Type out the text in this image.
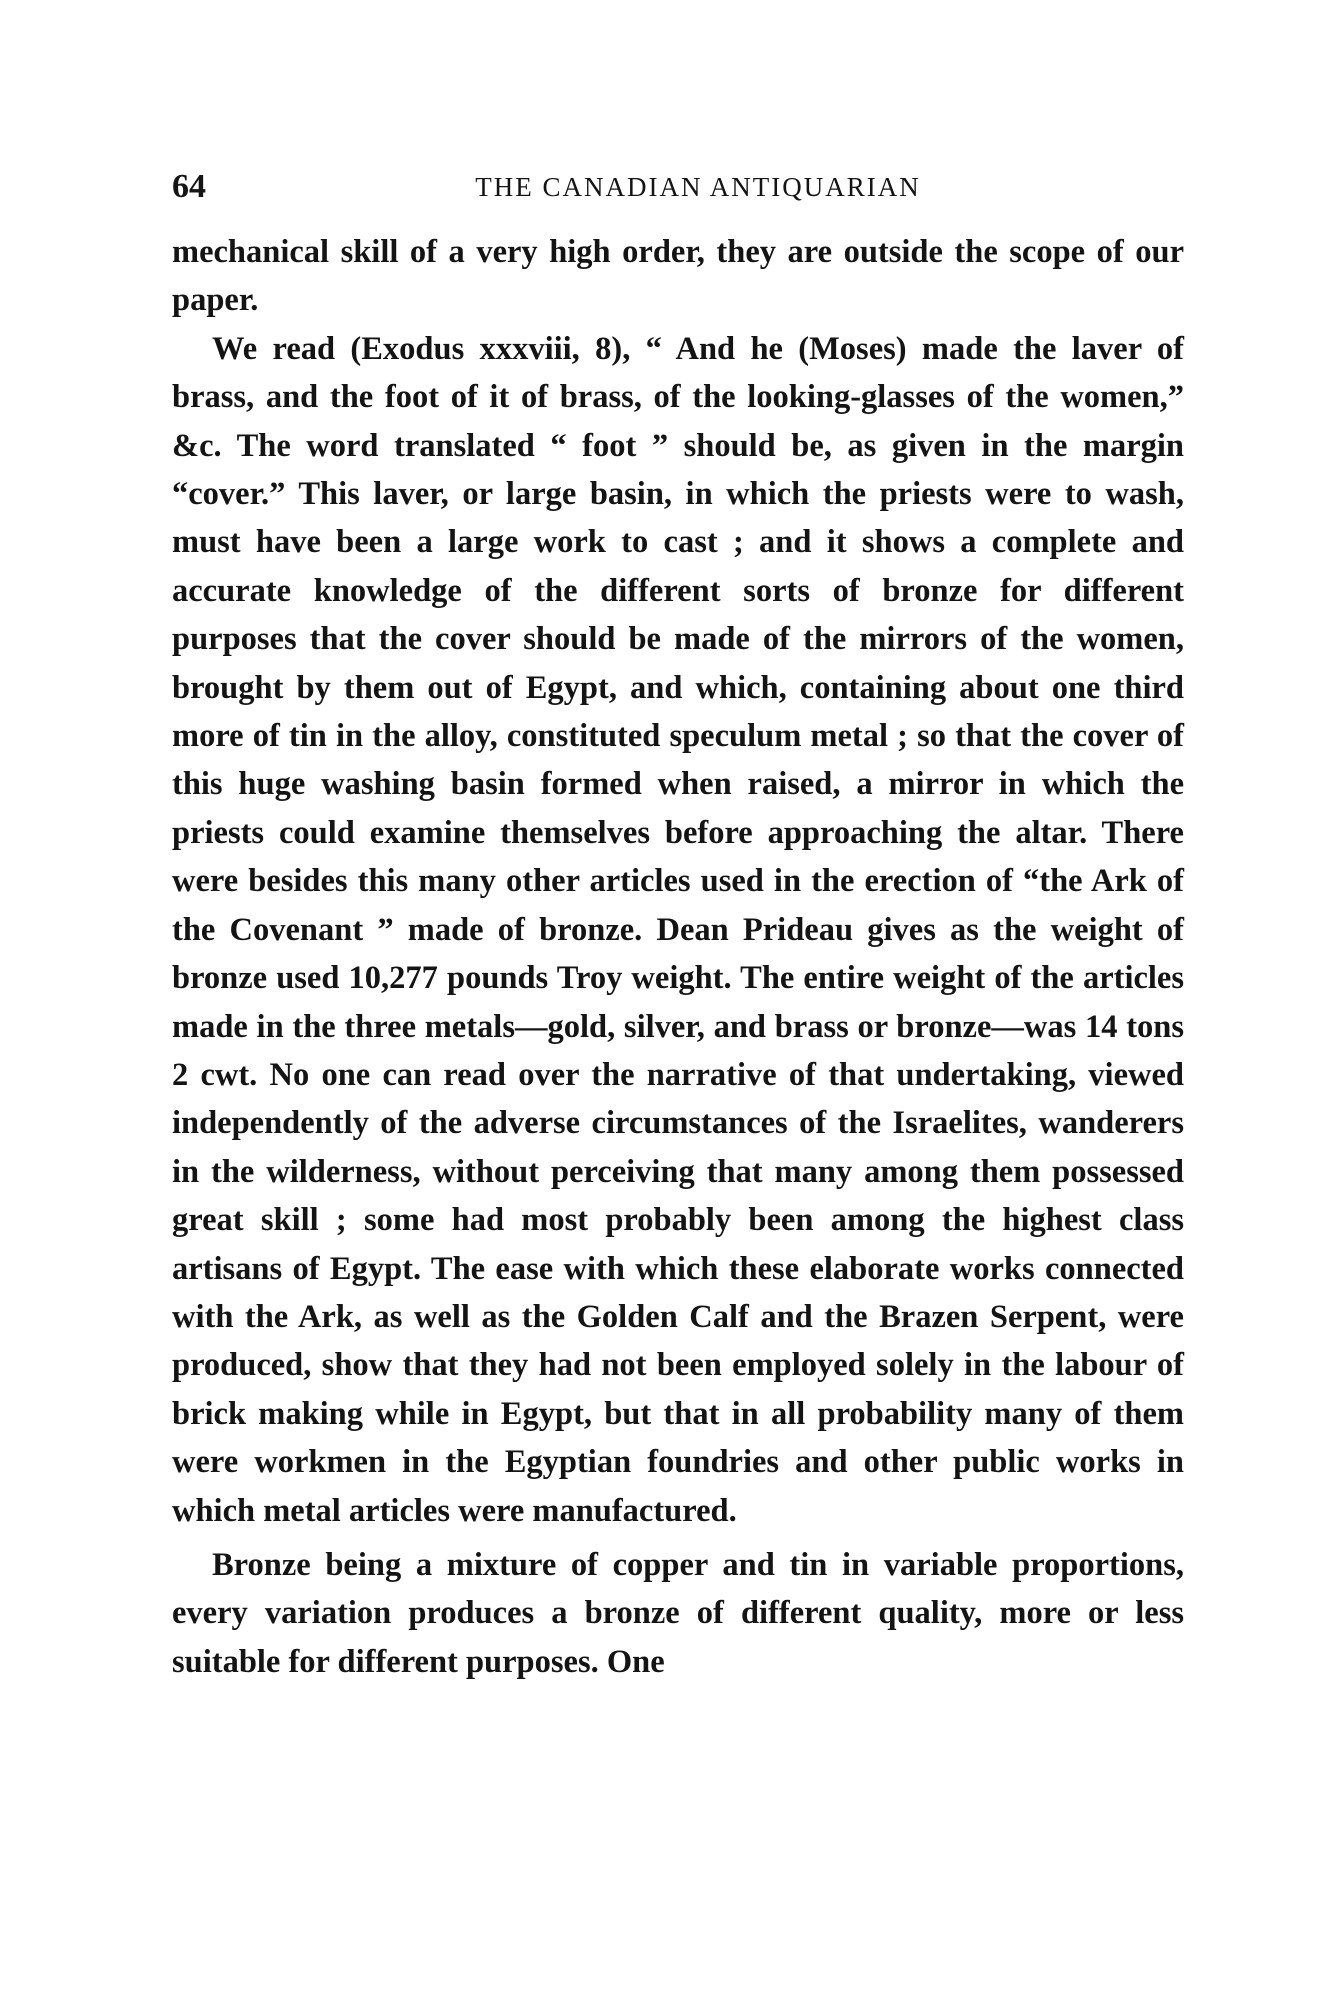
64	THE CANADIAN ANTIQUARIAN

mechanical skill of a very high order, they are outside the scope of our paper.

We read (Exodus xxxviii, 8), “ And he (Moses) made the laver of brass, and the foot of it of brass, of the looking-glasses of the women,” &c. The word translated “ foot ” should be, as given in the margin “cover.” This laver, or large basin, in which the priests were to wash, must have been a large work to cast ; and it shows a complete and accurate knowledge of the different sorts of bronze for different purposes that the cover should be made of the mirrors of the women, brought by them out of Egypt, and which, containing about one third more of tin in the alloy, constituted speculum metal ; so that the cover of this huge washing basin formed when raised, a mirror in which the priests could examine themselves before approaching the altar. There were besides this many other articles used in the erection of “the Ark of the Covenant ” made of bronze. Dean Prideau gives as the weight of bronze used 10,277 pounds Troy weight. The entire weight of the articles made in the three metals—gold, silver, and brass or bronze—was 14 tons 2 cwt. No one can read over the narrative of that undertaking, viewed independently of the adverse circumstances of the Israelites, wanderers in the wilderness, without perceiving that many among them possessed great skill ; some had most probably been among the highest class artisans of Egypt. The ease with which these elaborate works connected with the Ark, as well as the Golden Calf and the Brazen Serpent, were produced, show that they had not been employed solely in the labour of brick making while in Egypt, but that in all probability many of them were workmen in the Egyptian foundries and other public works in which metal articles were manufactured.

Bronze being a mixture of copper and tin in variable proportions, every variation produces a bronze of different quality, more or less suitable for different purposes. One
